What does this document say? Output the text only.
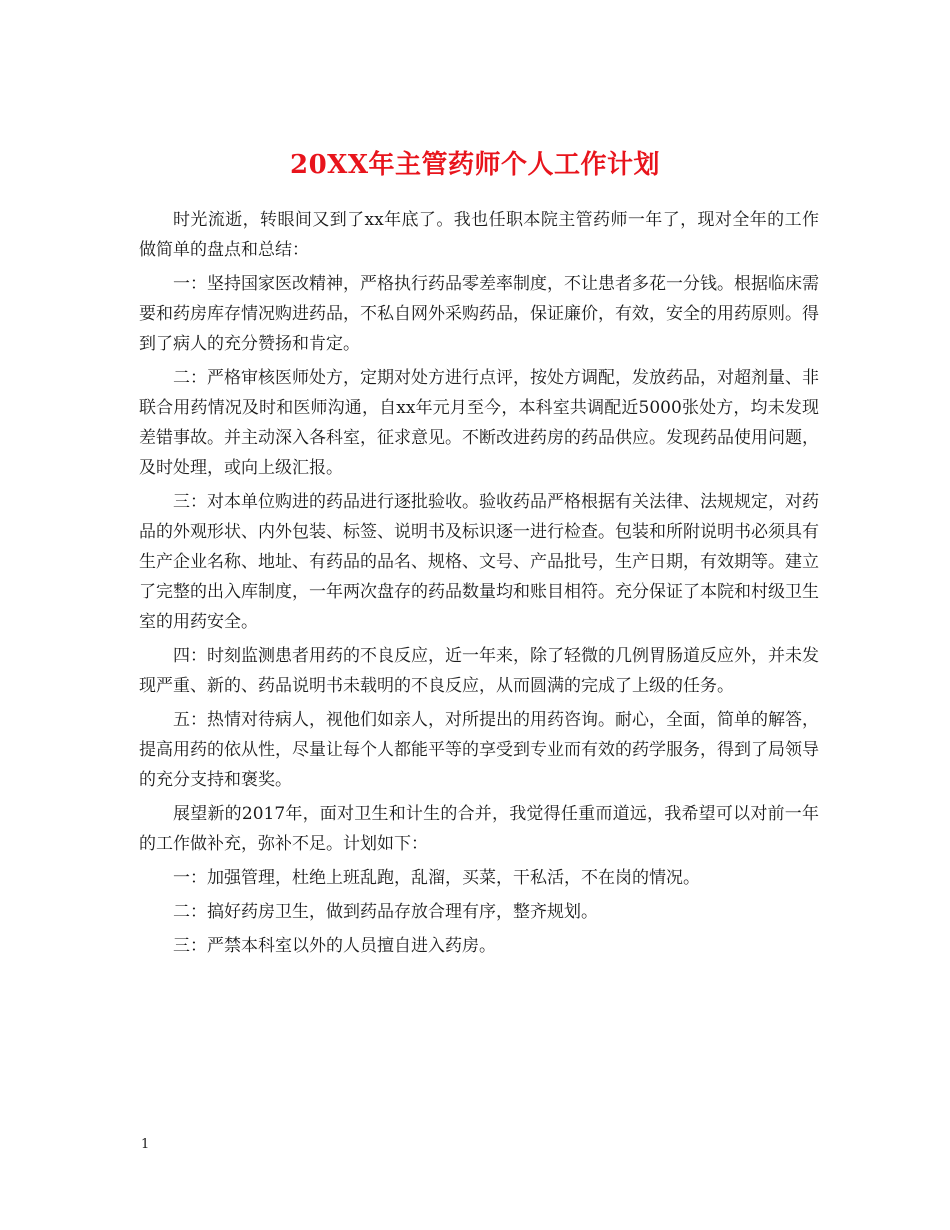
20XX年主管药师个人工作计划

时光流逝，转眼间又到了xx年底了。我也任职本院主管药师一年了，现对全年的工作做简单的盘点和总结：

一：坚持国家医改精神，严格执行药品零差率制度，不让患者多花一分钱。根据临床需要和药房库存情况购进药品，不私自网外采购药品，保证廉价，有效，安全的用药原则。得到了病人的充分赞扬和肯定。

二：严格审核医师处方，定期对处方进行点评，按处方调配，发放药品，对超剂量、非联合用药情况及时和医师沟通，自xx年元月至今，本科室共调配近5000张处方，均未发现差错事故。并主动深入各科室，征求意见。不断改进药房的药品供应。发现药品使用问题，及时处理，或向上级汇报。

三：对本单位购进的药品进行逐批验收。验收药品严格根据有关法律、法规规定，对药品的外观形状、内外包装、标签、说明书及标识逐一进行检查。包装和所附说明书必须具有生产企业名称、地址、有药品的品名、规格、文号、产品批号，生产日期，有效期等。建立了完整的出入库制度，一年两次盘存的药品数量均和账目相符。充分保证了本院和村级卫生室的用药安全。

四：时刻监测患者用药的不良反应，近一年来，除了轻微的几例胃肠道反应外，并未发现严重、新的、药品说明书未载明的不良反应，从而圆满的完成了上级的任务。

五：热情对待病人，视他们如亲人，对所提出的用药咨询。耐心，全面，简单的解答，提高用药的依从性，尽量让每个人都能平等的享受到专业而有效的药学服务，得到了局领导的充分支持和褒奖。

展望新的2017年，面对卫生和计生的合并，我觉得任重而道远，我希望可以对前一年的工作做补充，弥补不足。计划如下：

一：加强管理，杜绝上班乱跑，乱溜，买菜，干私活，不在岗的情况。

二：搞好药房卫生，做到药品存放合理有序，整齐规划。

三：严禁本科室以外的人员擅自进入药房。

1
